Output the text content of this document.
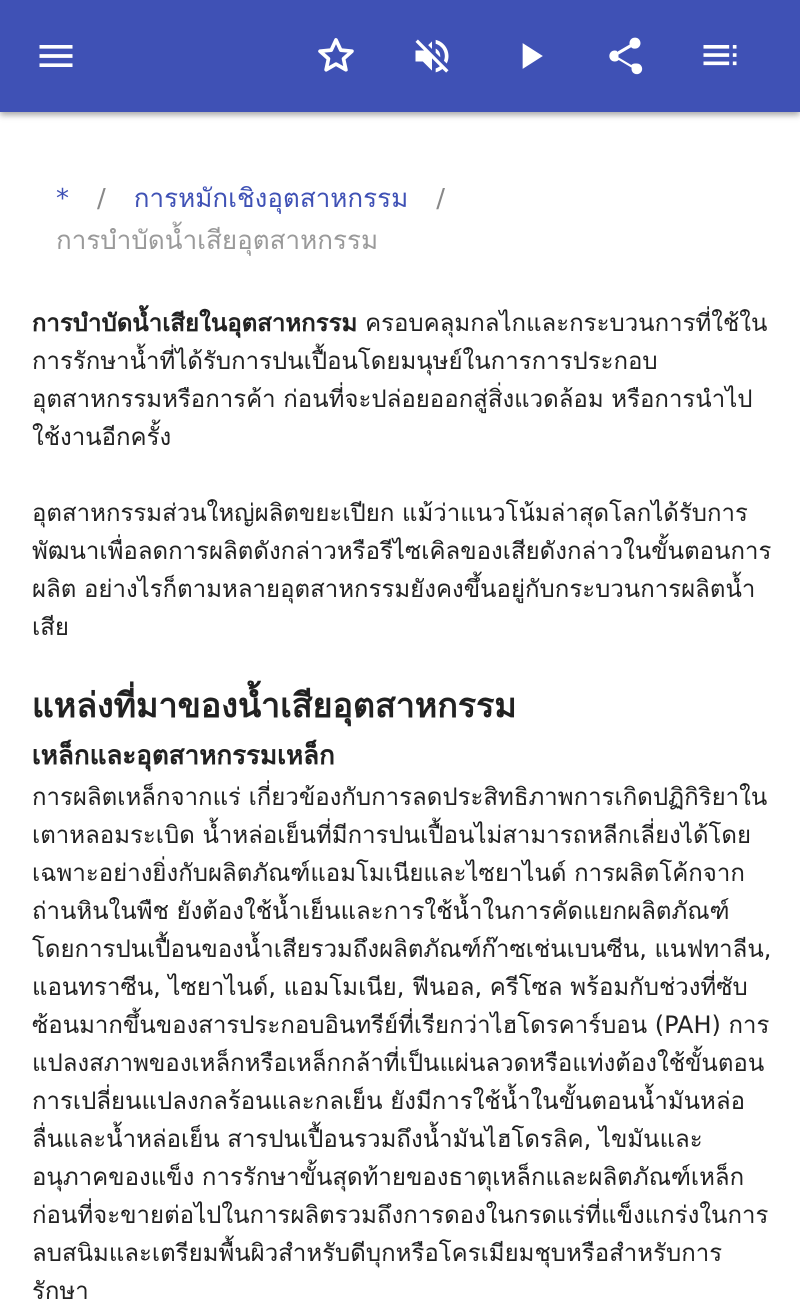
* / การหมักเชิงอุตสาหกรรม /
การบำบัดน้ำเสียอุตสาหกรรม

การบำบัดน้ำเสียในอุตสาหกรรม ครอบคลุมกลไกและกระบวนการที่ใช้ในการรักษาน้ำที่ได้รับการปนเปื้อนโดยมนุษย์ในการการประกอบอุตสาหกรรมหรือการค้า ก่อนที่จะปล่อยออกสู่สิ่งแวดล้อม หรือการนำไปใช้งานอีกครั้ง

อุตสาหกรรมส่วนใหญ่ผลิตขยะเปียก แม้ว่าแนวโน้มล่าสุดโลกได้รับการพัฒนาเพื่อลดการผลิตดังกล่าวหรือรีไซเคิลของเสียดังกล่าวในขั้นตอนการผลิต อย่างไรก็ตามหลายอุตสาหกรรมยังคงขึ้นอยู่กับกระบวนการผลิตน้ำเสีย

แหล่งที่มาของน้ำเสียอุตสาหกรรม
เหล็กและอุตสาหกรรมเหล็ก

การผลิตเหล็กจากแร่ เกี่ยวข้องกับการลดประสิทธิภาพการเกิดปฏิกิริยาในเตาหลอมระเบิด น้ำหล่อเย็นที่มีการปนเปื้อนไม่สามารถหลีกเลี่ยงได้โดยเฉพาะอย่างยิ่งกับผลิตภัณฑ์แอมโมเนียและไซยาไนด์ การผลิตโค้กจากถ่านหินในพืช ยังต้องใช้น้ำเย็นและการใช้น้ำในการคัดแยกผลิตภัณฑ์ โดยการปนเปื้อนของน้ำเสียรวมถึงผลิตภัณฑ์ก๊าซเช่นเบนซีน, แนฟทาลีน, แอนทราซีน, ไซยาไนด์, แอมโมเนีย, ฟีนอล, ครีโซล พร้อมกับช่วงที่ซับซ้อนมากขึ้นของสารประกอบอินทรีย์ที่เรียกว่าไฮโดรคาร์บอน (PAH) การแปลงสภาพของเหล็กหรือเหล็กกล้าที่เป็นแผ่นลวดหรือแท่งต้องใช้ขั้นตอนการเปลี่ยนแปลงกลร้อนและกลเย็น ยังมีการใช้น้ำในขั้นตอนน้ำมันหล่อลื่นและน้ำหล่อเย็น สารปนเปื้อนรวมถึงน้ำมันไฮโดรลิค, ไขมันและอนุภาคของแข็ง การรักษาขั้นสุดท้ายของธาตุเหล็กและผลิตภัณฑ์เหล็กก่อนที่จะขายต่อไปในการผลิตรวมถึงการดองในกรดแร่ที่แข็งแกร่งในการลบสนิมและเตรียมพื้นผิวสำหรับดีบุกหรือโครเมียมชุบหรือสำหรับการรักษา
